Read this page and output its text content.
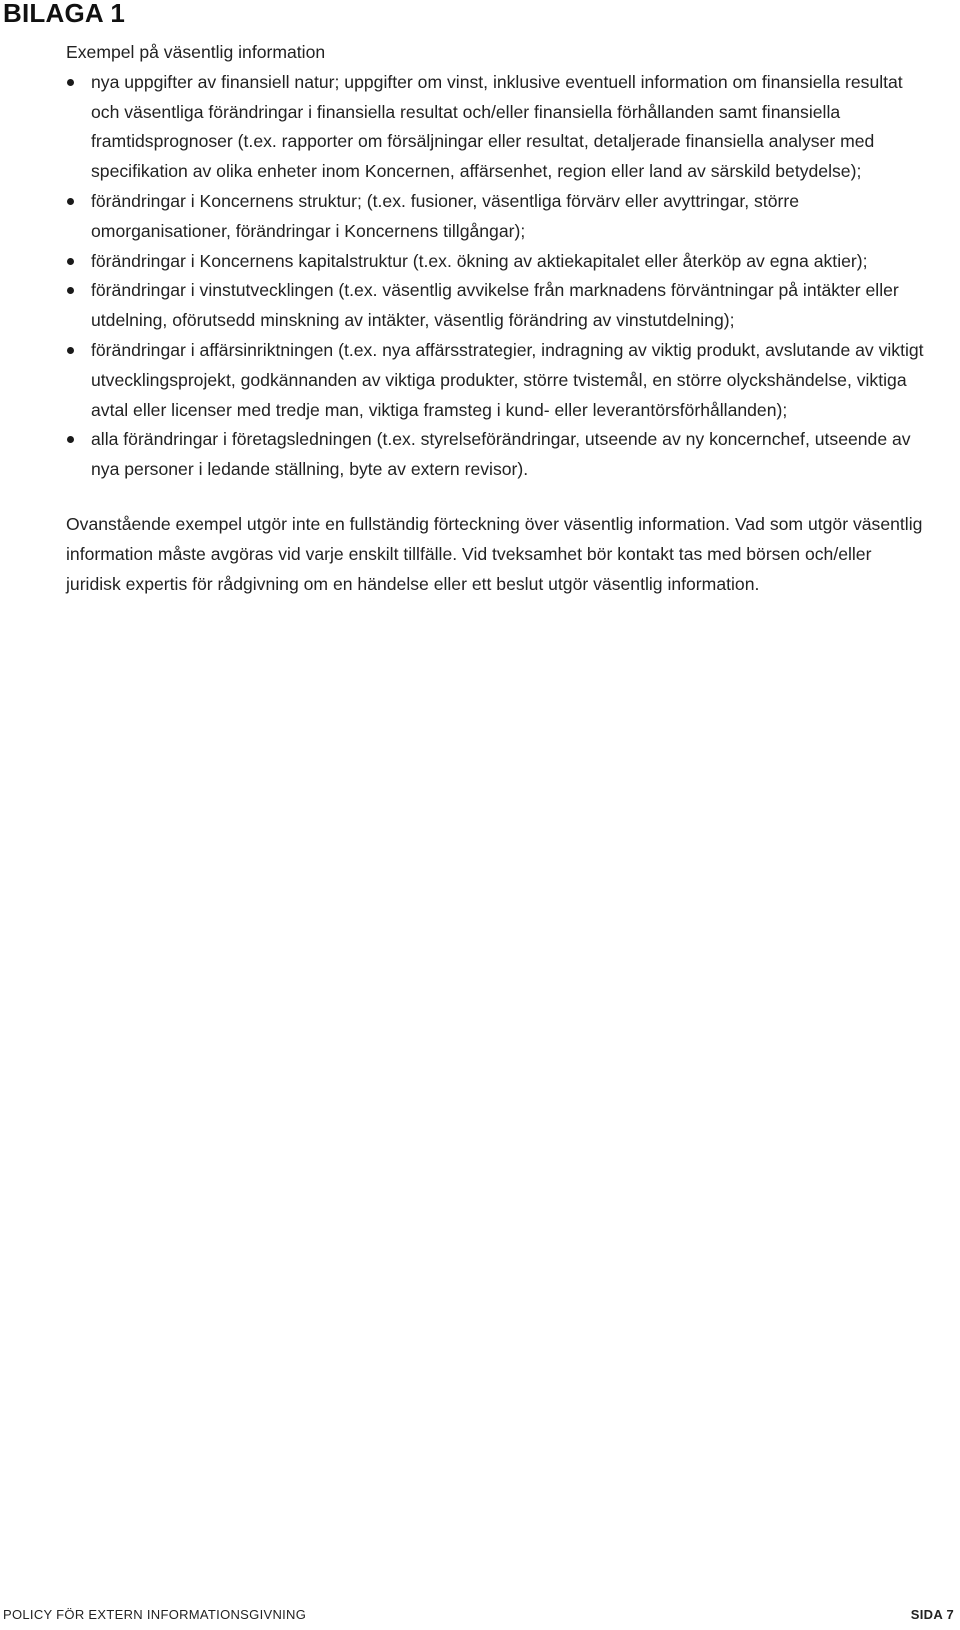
BILAGA 1

Exempel på väsentlig information

nya uppgifter av finansiell natur; uppgifter om vinst, inklusive eventuell information om finansiella resultat och väsentliga förändringar i finansiella resultat och/eller finansiella förhållanden samt finansiella framtidsprognoser (t.ex. rapporter om försäljningar eller resultat, detaljerade finansiella analyser med specifikation av olika enheter inom Koncernen, affärsenhet, region eller land av särskild betydelse);
förändringar i Koncernens struktur; (t.ex. fusioner, väsentliga förvärv eller avyttringar, större omorganisationer, förändringar i Koncernens tillgångar);
förändringar i Koncernens kapitalstruktur (t.ex. ökning av aktiekapitalet eller återköp av egna aktier);
förändringar i vinstutvecklingen (t.ex. väsentlig avvikelse från marknadens förväntningar på intäkter eller utdelning, oförutsedd minskning av intäkter, väsentlig förändring av vinstutdelning);
förändringar i affärsinriktningen (t.ex. nya affärsstrategier, indragning av viktig produkt, avslutande av viktigt utvecklingsprojekt, godkännanden av viktiga produkter, större tvistemål, en större olyckshändelse, viktiga avtal eller licenser med tredje man, viktiga framsteg i kund- eller leverantörsförhållanden);
alla förändringar i företagsledningen (t.ex. styrelseförändringar, utseende av ny koncernchef, utseende av nya personer i ledande ställning, byte av extern revisor).

Ovanstående exempel utgör inte en fullständig förteckning över väsentlig information. Vad som utgör väsentlig information måste avgöras vid varje enskilt tillfälle. Vid tveksamhet bör kontakt tas med börsen och/eller juridisk expertis för rådgivning om en händelse eller ett beslut utgör väsentlig information.

POLICY FÖR EXTERN INFORMATIONSGIVNING	SIDA 7
